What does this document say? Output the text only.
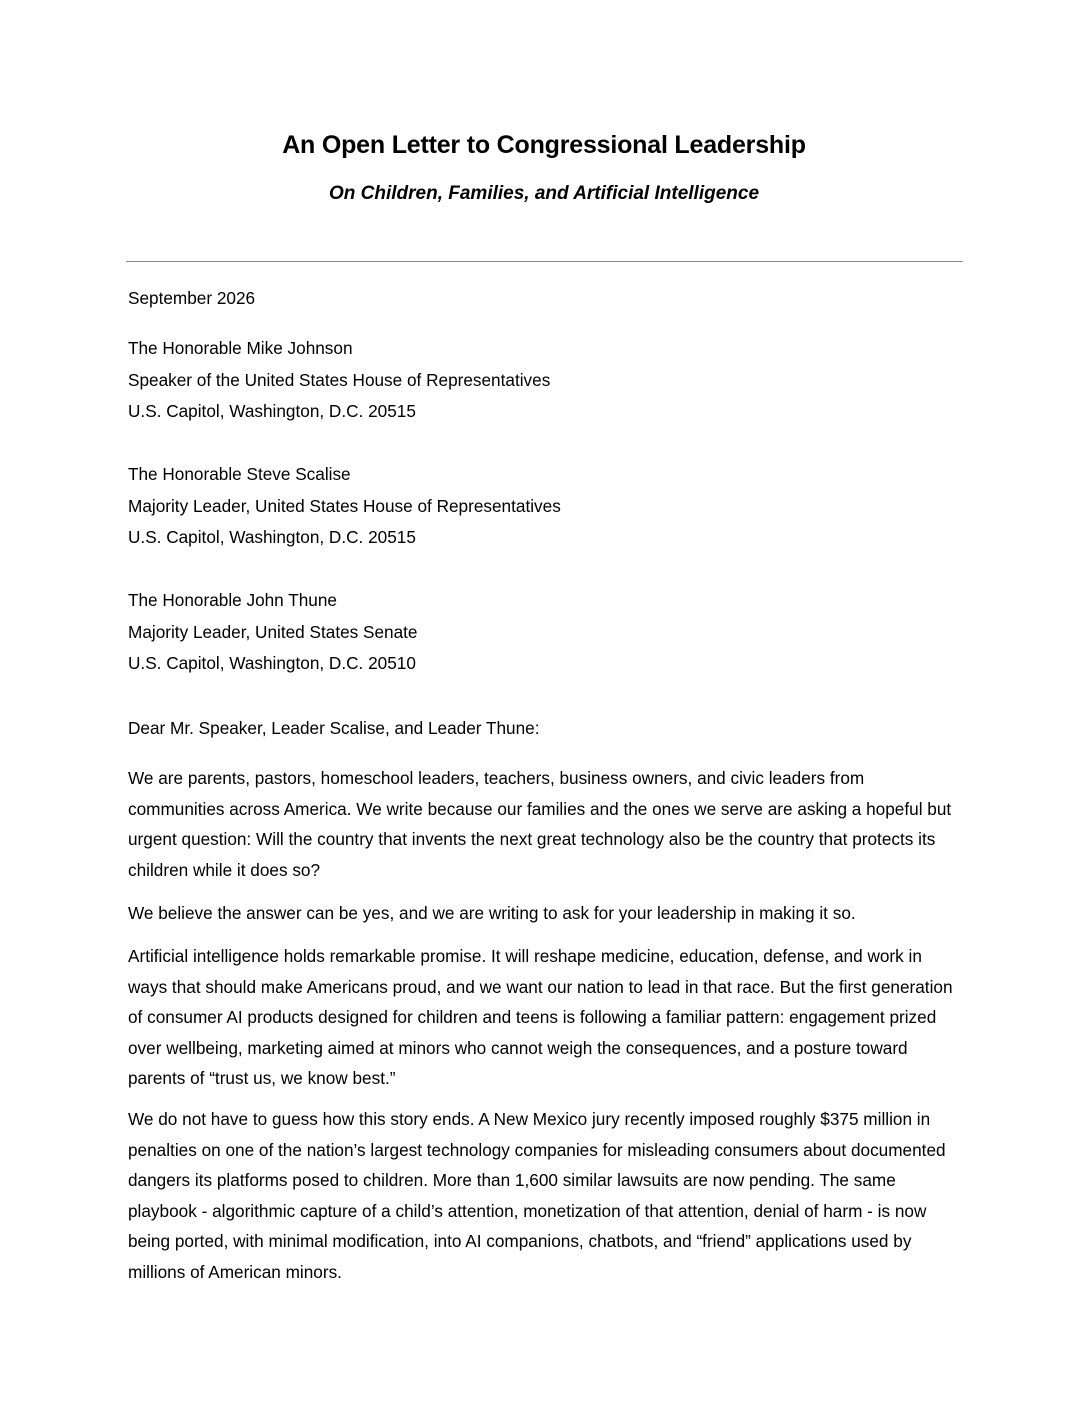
An Open Letter to Congressional Leadership
On Children, Families, and Artificial Intelligence

September 2026

The Honorable Mike Johnson
Speaker of the United States House of Representatives
U.S. Capitol, Washington, D.C. 20515
The Honorable Steve Scalise
Majority Leader, United States House of Representatives
U.S. Capitol, Washington, D.C. 20515
The Honorable John Thune
Majority Leader, United States Senate
U.S. Capitol, Washington, D.C. 20510

Dear Mr. Speaker, Leader Scalise, and Leader Thune:

We are parents, pastors, homeschool leaders, teachers, business owners, and civic leaders from communities across America. We write because our families and the ones we serve are asking a hopeful but urgent question: Will the country that invents the next great technology also be the country that protects its children while it does so?

We believe the answer can be yes, and we are writing to ask for your leadership in making it so.

Artificial intelligence holds remarkable promise. It will reshape medicine, education, defense, and work in ways that should make Americans proud, and we want our nation to lead in that race. But the first generation of consumer AI products designed for children and teens is following a familiar pattern: engagement prized over wellbeing, marketing aimed at minors who cannot weigh the consequences, and a posture toward parents of “trust us, we know best.”

We do not have to guess how this story ends. A New Mexico jury recently imposed roughly $375 million in penalties on one of the nation’s largest technology companies for misleading consumers about documented dangers its platforms posed to children. More than 1,600 similar lawsuits are now pending. The same playbook - algorithmic capture of a child’s attention, monetization of that attention, denial of harm - is now being ported, with minimal modification, into AI companions, chatbots, and “friend” applications used by millions of American minors.
